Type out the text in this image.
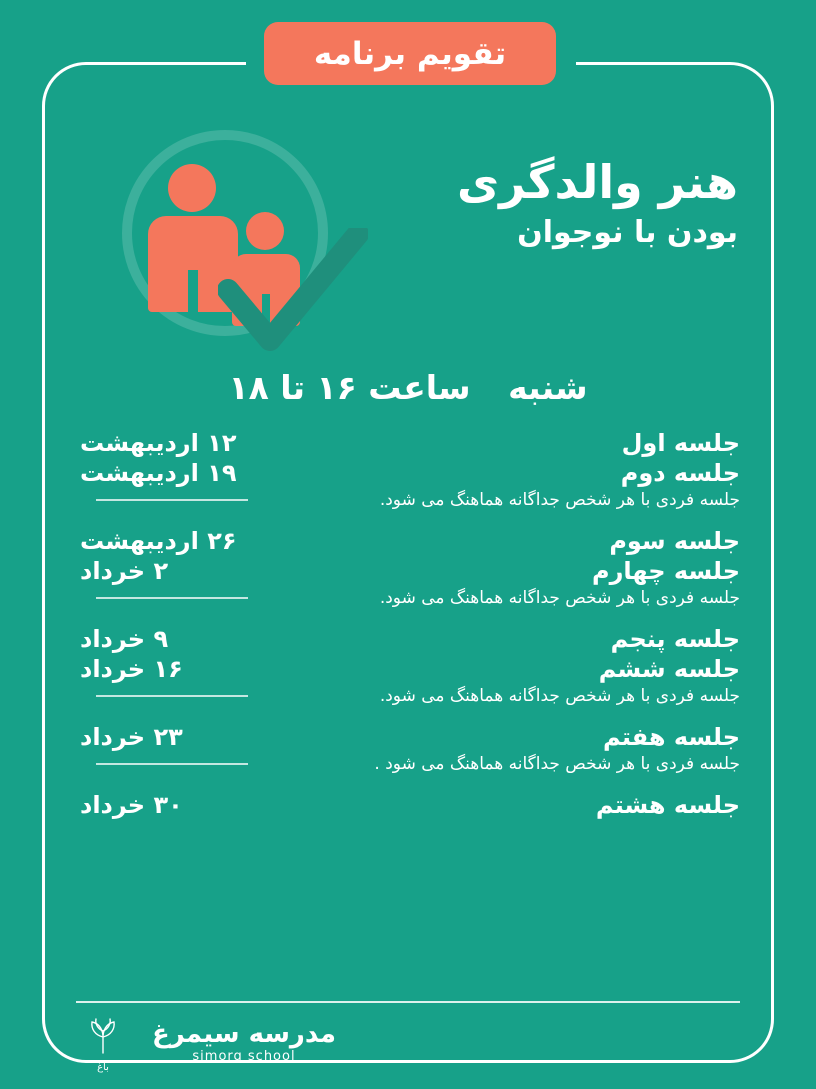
تقویم برنامه
هنر والدگری
بودن با نوجوان
شنبه ساعت ۱۶ تا ۱۸
جلسه اول
۱۲ اردیبهشت
جلسه دوم
۱۹ اردیبهشت
جلسه فردی با هر شخص جداگانه هماهنگ می شود.
جلسه سوم
۲۶ اردیبهشت
جلسه چهارم
۲ خرداد
جلسه فردی با هر شخص جداگانه هماهنگ می شود.
جلسه پنجم
۹ خرداد
جلسه ششم
۱۶ خرداد
جلسه فردی با هر شخص جداگانه هماهنگ می شود.
جلسه هفتم
۲۳ خرداد
جلسه فردی با هر شخص جداگانه هماهنگ می شود .
جلسه هشتم
۳۰ خرداد
مدرسه سیمرغ
simorq school
باغ
